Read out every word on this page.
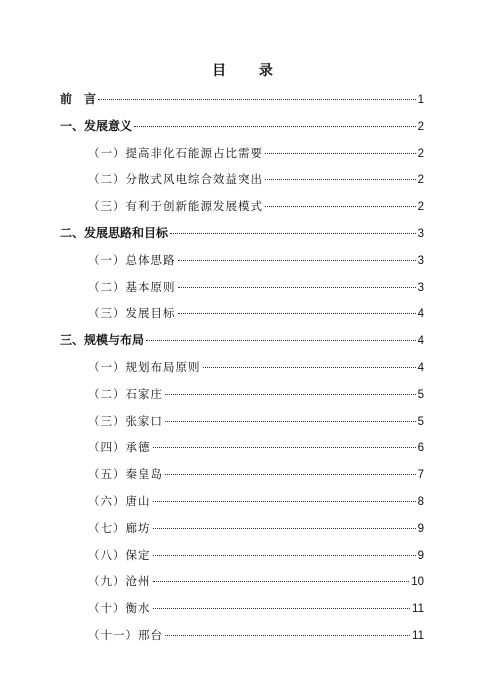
目 录
前　言	1
一、发展意义	2
（一）提高非化石能源占比需要	2
（二）分散式风电综合效益突出	2
（三）有利于创新能源发展模式	2
二、发展思路和目标	3
（一）总体思路	3
（二）基本原则	3
（三）发展目标	4
三、规模与布局	4
（一）规划布局原则	4
（二）石家庄	5
（三）张家口	5
（四）承德	6
（五）秦皇岛	7
（六）唐山	8
（七）廊坊	9
（八）保定	9
（九）沧州	10
（十）衡水	11
（十一）邢台	11
